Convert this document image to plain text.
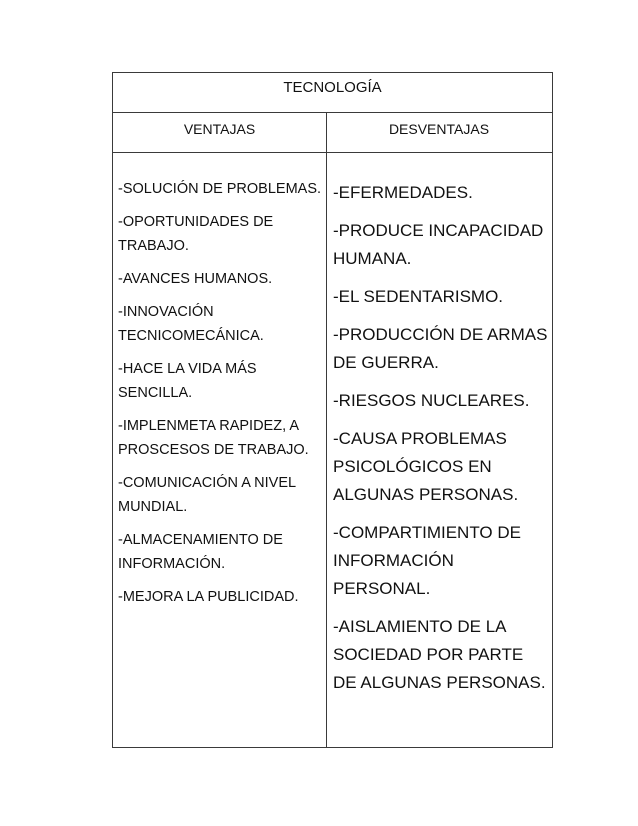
TECNOLOGÍA
VENTAJAS	DESVENTAJAS
-SOLUCIÓN DE PROBLEMAS.
-OPORTUNIDADES DE TRABAJO.
-AVANCES HUMANOS.
-INNOVACIÓN TECNICOMECÁNICA.
-HACE LA VIDA MÁS SENCILLA.
-IMPLENMETA RAPIDEZ, A PROSCESOS DE TRABAJO.
-COMUNICACIÓN A NIVEL MUNDIAL.
-ALMACENAMIENTO DE INFORMACIÓN.
-MEJORA LA PUBLICIDAD.
-EFERMEDADES.
-PRODUCE INCAPACIDAD HUMANA.
-EL SEDENTARISMO.
-PRODUCCIÓN DE ARMAS DE GUERRA.
-RIESGOS NUCLEARES.
-CAUSA PROBLEMAS PSICOLÓGICOS EN ALGUNAS PERSONAS.
-COMPARTIMIENTO DE INFORMACIÓN PERSONAL.
-AISLAMIENTO DE LA SOCIEDAD POR PARTE DE ALGUNAS PERSONAS.
